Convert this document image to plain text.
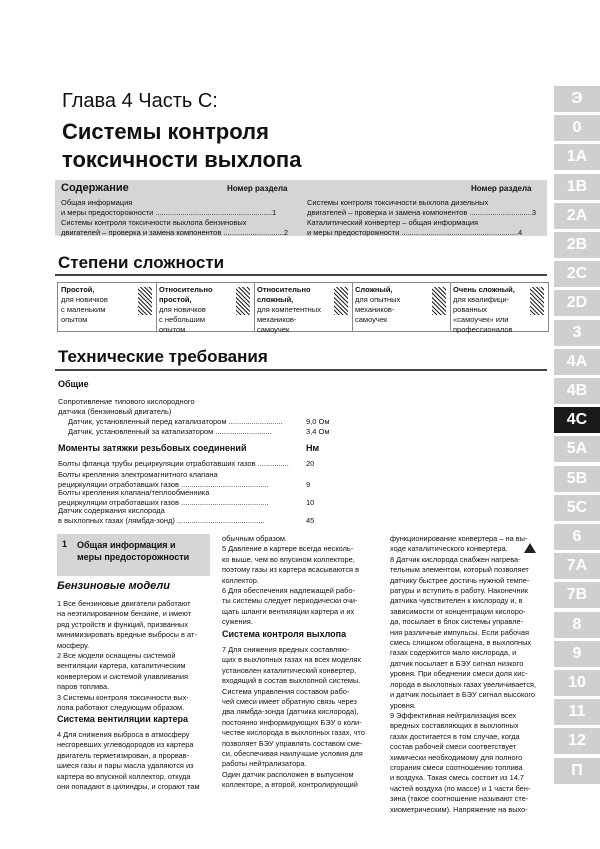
Глава 4 Часть С:
Системы контроля
токсичности выхлопа
Содержание	Номер раздела	Номер раздела
Общая информация
и меры предосторожности ........................................................1
Системы контроля токсичности выхлопа бензиновых
двигателей – проверка и замена компонентов .............................2
Системы контроля токсичности выхлопа дизельных
двигателей – проверка и замена компонентов ..............................3
Каталитический конвертер – общая информация
и меры предосторожности ........................................................4
Степени сложности
Простой,
для новичков
с маленьким
опытом
Относительно
простой,
для новичков
с небольшим
опытом
Относительно
сложный,
для компетентных
механиков-
самоучек
Сложный,
для опытных
механиков-
самоучек
Очень сложный,
для квалифици-
рованных
«самоучек» или
профессионалов
Технические требования
Общие
Сопротивление типового кислородного
датчика (бензиновый двигатель)
Датчик, установленный перед катализатором ..........................	9,0 Ом
Датчик, установленный за катализатором ...........................	3,4 Ом
Моменты затяжки резьбовых соединений	Нм
Болты фланца трубы рециркуляции отработавших газов ............... 20
Болты крепления электромагнитного клапана
рециркуляции отработавших газов ..........................................	9
Болты крепления клапана/теплообменника
рециркуляции отработавших газов ..........................................	10
Датчик содержания кислорода
в выхлопных газах (лямбда-зонд) ..........................................	45
1 Общая информация и
меры предосторожности
Бензиновые модели

1 Все бензиновые двигатели работают
на неэтилированном бензине, и имеют
ряд устройств и функций, призванных
минимизировать вредные выбросы в ат-
мосферу.

2 Все модели оснащены системой
вентиляции картера, каталитическим
конвертером и системой улавливания
паров топлива.

3 Системы контроля токсичности вых-
лопа работают следующим образом.

Система вентиляции картера

4 Для снижения выброса в атмосферу
несгоревших углеводородов из картера
двигатель герметизирован, а прорвав-
шиеся газы и пары масла удаляются из
картера во впускной коллектор, откуда
они попадают в цилиндры, и сгорают там

обычным образом.

5 Давление в картере всегда несколь-
ко выше, чем во впускном коллекторе,
поэтому газы из картера всасываются в
коллектор.

6 Для обеспечения надлежащей рабо-
ты системы следует периодически очи-
щать шланги вентиляции картера и их
сужения.

Система контроля выхлопа

7 Для снижения вредных составляю-
щих в выхлопных газах на всех моделях
установлен каталитический конвертер,
входящий в состав выхлопной системы.
Система управления составом рабо-
чей смеси имеет обратную связь через
два лямбда-зонда (датчика кислорода),
постоянно информирующих БЭУ о коли-
честве кислорода в выхлопных газах, что
позволяет БЭУ управлять составом сме-
си, обеспечивая наилучшие условия для
работы нейтрализатора.
Один датчик расположен в выпускном
коллекторе, а второй, контролирующий

функционирование конвертера – на вы-
ходе каталитического конвертера.

8 Датчик кислорода снабжен нагрева-
тельным элементом, который позволяет
датчику быстрее достичь нужной темпе-
ратуры и вступить в работу. Наконечник
датчика чувствителен к кислороду и, в
зависимости от концентрации кислоро-
да, посылает в блок системы управле-
ния различные импульсы. Если рабочая
смесь слишком обогащена, в выхлопных
газах содержится мало кислорода, и
датчик посылает в БЭУ сигнал низкого
уровня. При обеднении смеси доля кис-
лорода в выхлопных газах увеличивается,
и датчик посылает в БЭУ сигнал высокого
уровня.

9 Эффективная нейтрализация всех
вредных составляющих в выхлопных
газах достигается в том случае, когда
состав рабочей смеси соответствует
химически необходимому для полного
сгорания смеси соотношению топлива
и воздуха. Такая смесь состоит из 14.7
частей воздуха (по массе) и 1 части бен-
зина (такое соотношение называют сте-
хиометрическим). Напряжение на выхо-

Э
0
1А
1В
2А
2В
2С
2D
3
4А
4В
4С
5А
5В
5С
6
7А
7В
8
9
10
11
12
П
